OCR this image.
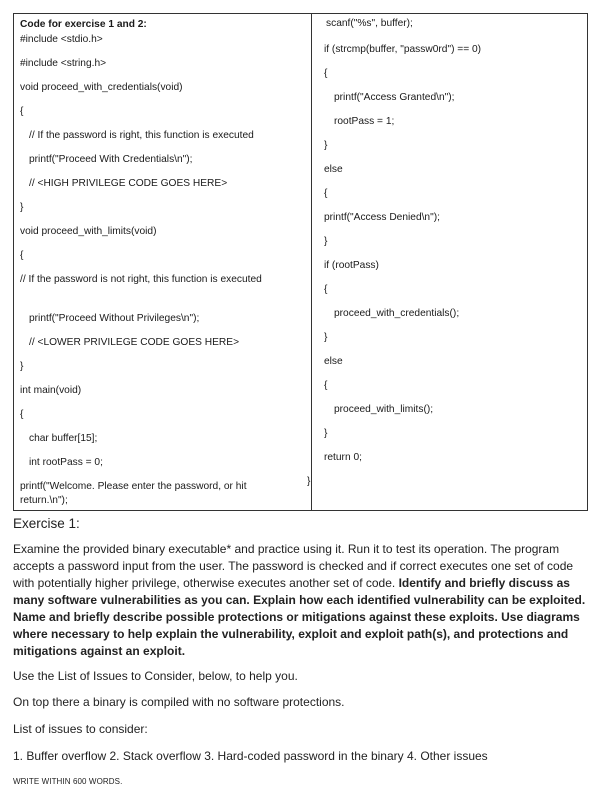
Code for exercise 1 and 2:
#include <stdio.h>
#include <string.h>
void proceed_with_credentials(void)
{
// If the password is right, this function is executed
printf("Proceed With Credentials\n");
// <HIGH PRIVILEGE CODE GOES HERE>
}
void proceed_with_limits(void)
{
// If the password is not right, this function is executed
printf("Proceed Without Privileges\n");
// <LOWER PRIVILEGE CODE GOES HERE>
}
int main(void)
{
char buffer[15];
int rootPass = 0;
printf("Welcome. Please enter the password, or hit return.\n");
scanf("%s", buffer);
if (strcmp(buffer, "passw0rd") == 0)
{
printf("Access Granted\n");
rootPass = 1;
}
else
{
printf("Access Denied\n");
}
if (rootPass)
{
proceed_with_credentials();
}
else
{
proceed_with_limits();
}
return 0;
}
Exercise 1:
Examine the provided binary executable* and practice using it. Run it to test its operation. The program accepts a password input from the user. The password is checked and if correct executes one set of code with potentially higher privilege, otherwise executes another set of code. Identify and briefly discuss as many software vulnerabilities as you can. Explain how each identified vulnerability can be exploited. Name and briefly describe possible protections or mitigations against these exploits. Use diagrams where necessary to help explain the vulnerability, exploit and exploit path(s), and protections and mitigations against an exploit.
Use the List of Issues to Consider, below, to help you.
On top there a binary is compiled with no software protections.
List of issues to consider:
1. Buffer overflow 2. Stack overflow 3. Hard-coded password in the binary 4. Other issues
WRITE WITHIN 600 WORDS.
